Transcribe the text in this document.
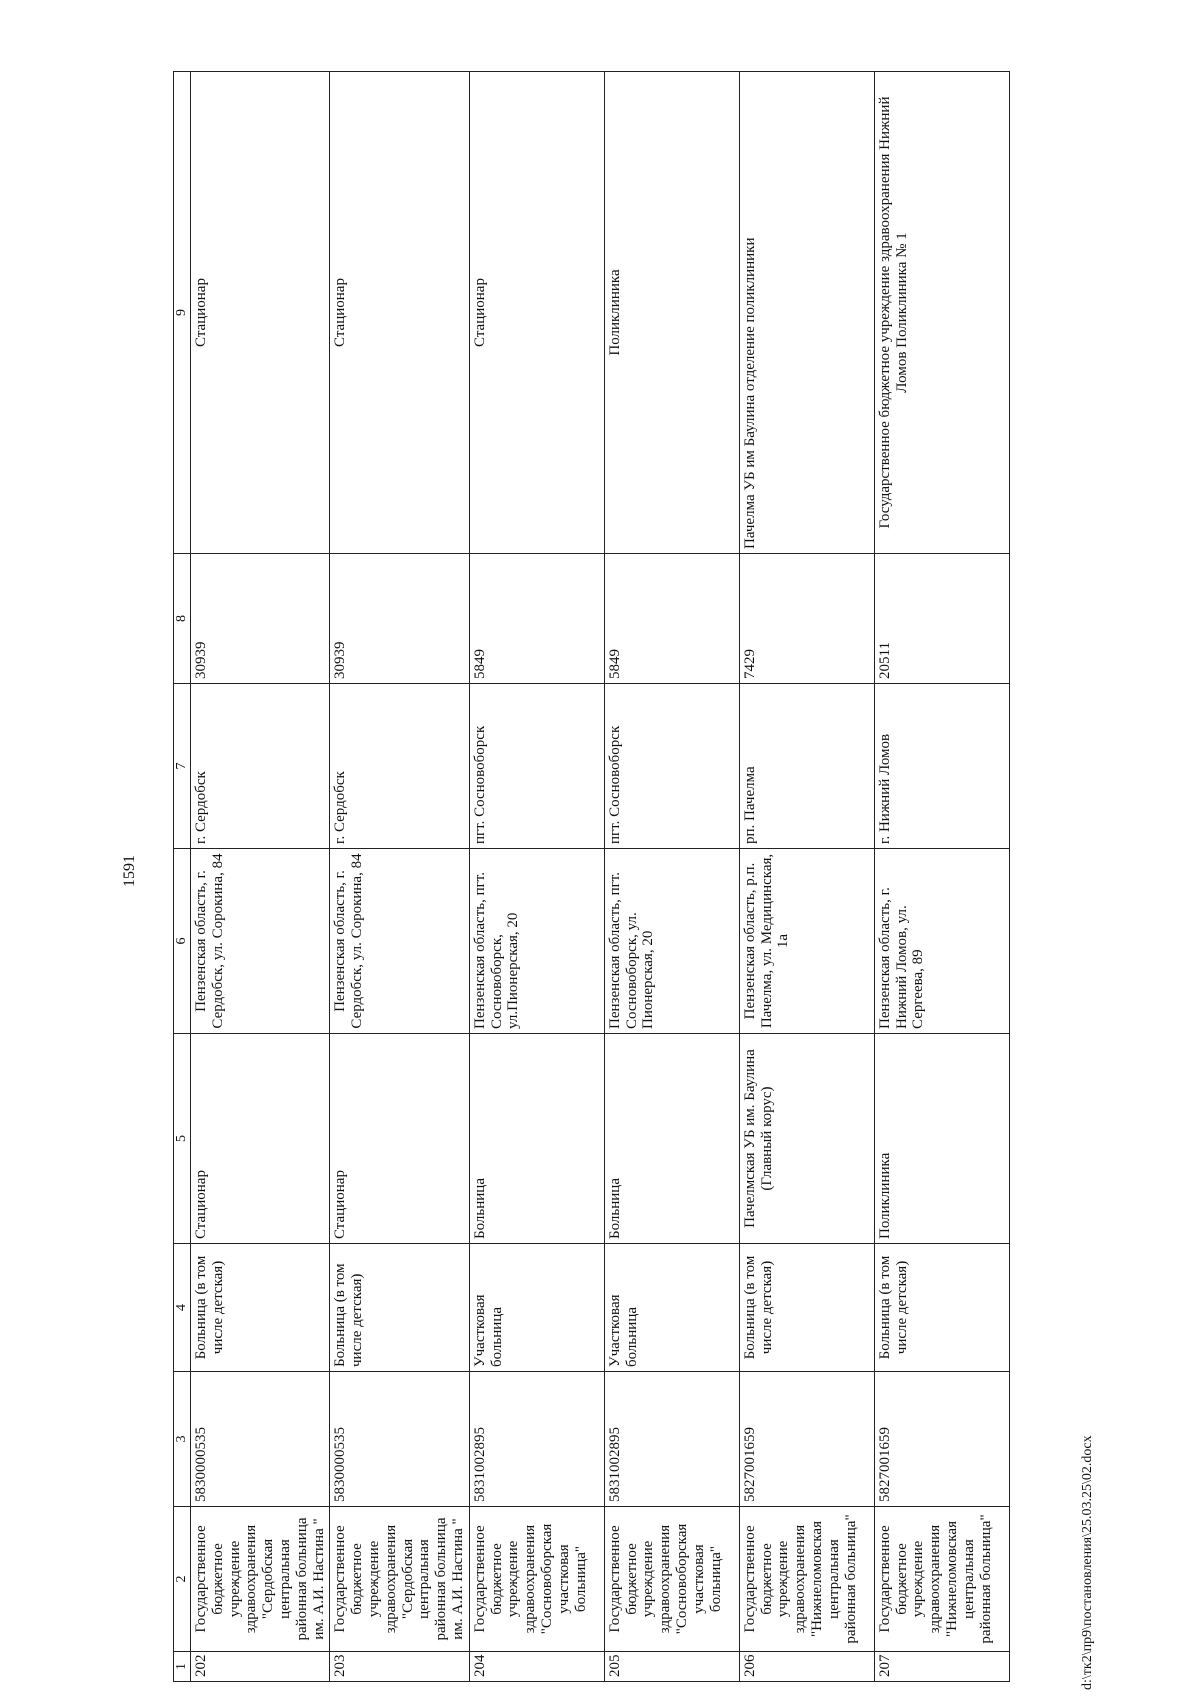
1591
d:\тк2\пр9\постановления\25.03.25\02.docx
1	2	3	4	5	6	7	8	9
202	Государственное бюджетное учреждение здравоохранения "Сердобская центральная районная больница им. А.И. Настина "	5830000535	Больница (в том числе детская)	Стационар	Пензенская область, г. Сердобск, ул. Сорокина, 84	г. Сердобск	30939	Стационар
203	Государственное бюджетное учреждение здравоохранения "Сердобская центральная районная больница им. А.И. Настина "	5830000535	Больница (в том числе детская)	Стационар	Пензенская область, г. Сердобск, ул. Сорокина, 84	г. Сердобск	30939	Стационар
204	Государственное бюджетное учреждение здравоохранения "Сосновоборская участковая больница"	5831002895	Участковая больница	Больница	Пензенская область, пгт. Сосновоборск, ул.Пионерская, 20	пгт. Сосновоборск	5849	Стационар
205	Государственное бюджетное учреждение здравоохранения "Сосновоборская участковая больница"	5831002895	Участковая больница	Больница	Пензенская область, пгт. Сосновоборск, ул. Пионерская, 20	пгт. Сосновоборск	5849	Поликлиника
206	Государственное бюджетное учреждение здравоохранения "Нижнеломовская центральная районная больница"	5827001659	Больница (в том числе детская)	Пачелмская УБ им. Баулина (Главный корус)	Пензенская область, р.п. Пачелма, ул. Медицинская, 1а	рп. Пачелма	7429	Пачелма УБ им Баулина отделение поликлиники
207	Государственное бюджетное учреждение здравоохранения "Нижнеломовская центральная районная больница"	5827001659	Больница (в том числе детская)	Поликлиника	Пензенская область, г. Нижний Ломов, ул. Сергеева, 89	г. Нижний Ломов	20511	Государственное бюджетное учреждение здравоохранения Нижний Ломов Поликлиника № 1
